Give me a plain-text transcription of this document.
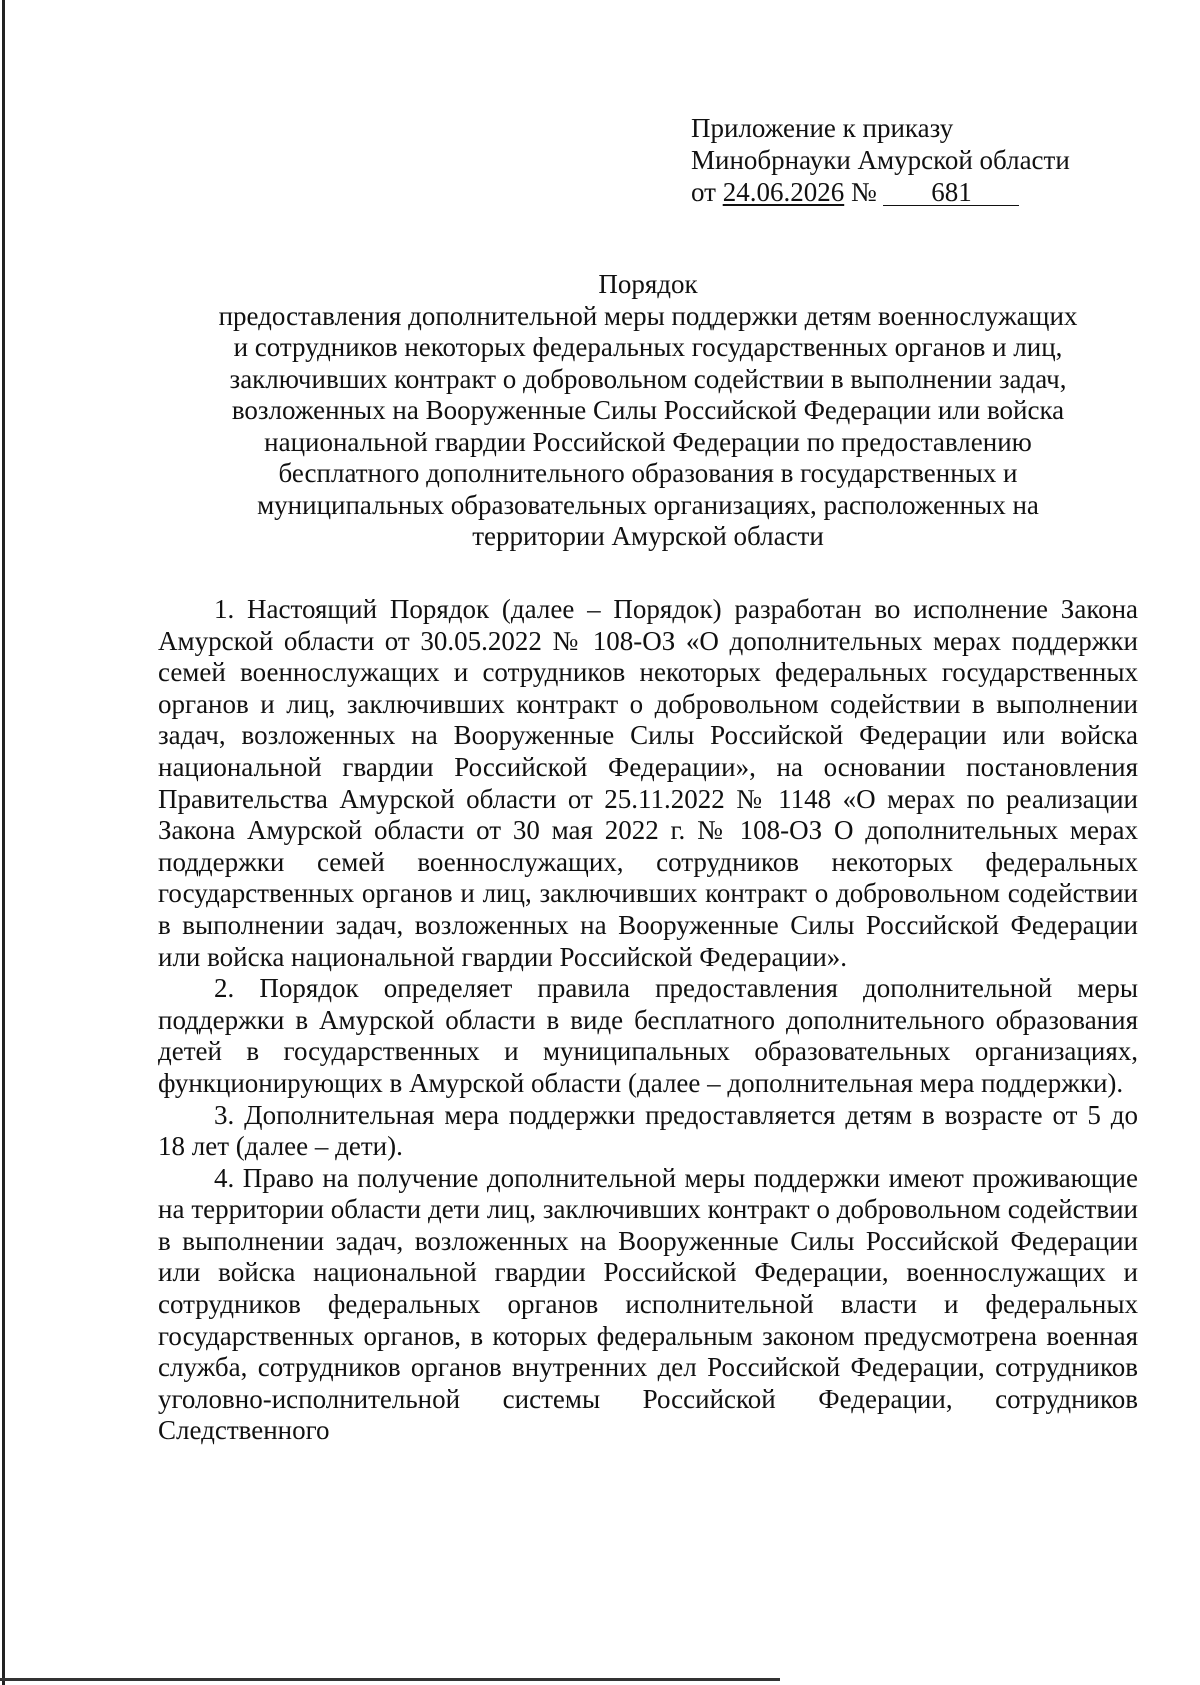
Приложение к приказу
Минобрнауки Амурской области
от 24.06.2026 № 681
Порядок
предоставления дополнительной меры поддержки детям военнослужащих
и сотрудников некоторых федеральных государственных органов и лиц,
заключивших контракт о добровольном содействии в выполнении задач,
возложенных на Вооруженные Силы Российской Федерации или войска
национальной гвардии Российской Федерации по предоставлению
бесплатного дополнительного образования в государственных и
муниципальных образовательных организациях, расположенных на
территории Амурской области

1. Настоящий Порядок (далее – Порядок) разработан во исполнение Закона Амурской области от 30.05.2022 № 108-ОЗ «О дополнительных мерах поддержки семей военнослужащих и сотрудников некоторых федеральных государственных органов и лиц, заключивших контракт о добровольном содействии в выполнении задач, возложенных на Вооруженные Силы Российской Федерации или войска национальной гвардии Российской Федерации», на основании постановления Правительства Амурской области от 25.11.2022 № 1148 «О мерах по реализации Закона Амурской области от 30 мая 2022 г. № 108-ОЗ О дополнительных мерах поддержки семей военнослужащих, сотрудников некоторых федеральных государственных органов и лиц, заключивших контракт о добровольном содействии в выполнении задач, возложенных на Вооруженные Силы Российской Федерации или войска национальной гвардии Российской Федерации».

2. Порядок определяет правила предоставления дополнительной меры поддержки в Амурской области в виде бесплатного дополнительного образования детей в государственных и муниципальных образовательных организациях, функционирующих в Амурской области (далее – дополнительная мера поддержки).

3. Дополнительная мера поддержки предоставляется детям в возрасте от 5 до 18 лет (далее – дети).

4. Право на получение дополнительной меры поддержки имеют проживающие на территории области дети лиц, заключивших контракт о добровольном содействии в выполнении задач, возложенных на Вооруженные Силы Российской Федерации или войска национальной гвардии Российской Федерации, военнослужащих и сотрудников федеральных органов исполнительной власти и федеральных государственных органов, в которых федеральным законом предусмотрена военная служба, сотрудников органов внутренних дел Российской Федерации, сотрудников уголовно-исполнительной системы Российской Федерации, сотрудников Следственного
